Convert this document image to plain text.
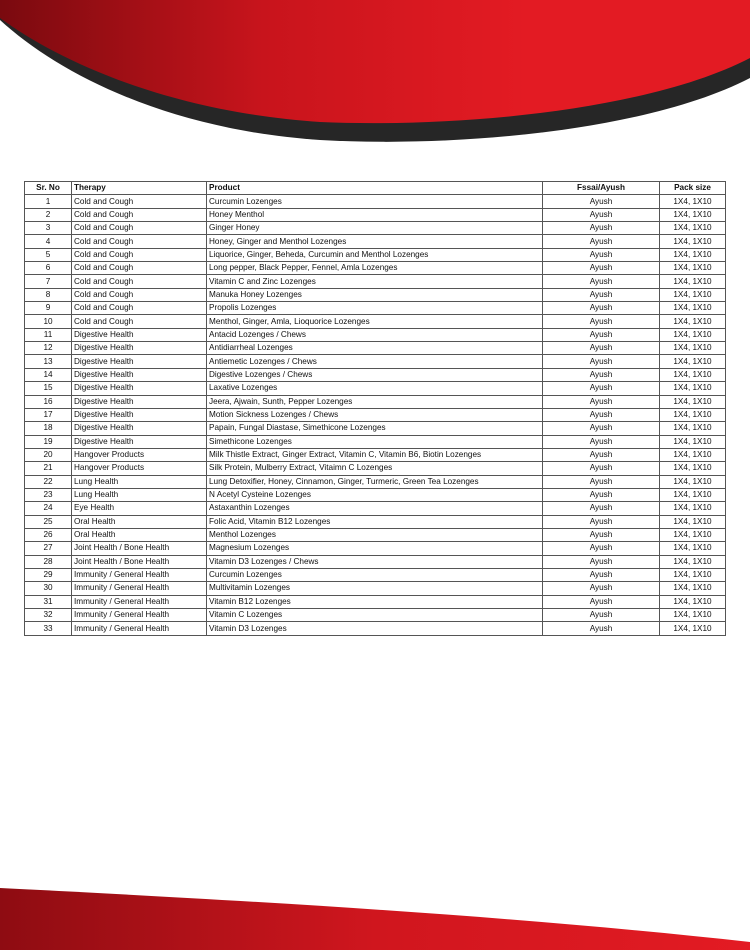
Sr. No	Therapy	Product	Fssai/Ayush	Pack size
1	Cold and Cough	Curcumin Lozenges	Ayush	1X4, 1X10
2	Cold and Cough	Honey Menthol	Ayush	1X4, 1X10
3	Cold and Cough	Ginger Honey	Ayush	1X4, 1X10
4	Cold and Cough	Honey, Ginger and Menthol Lozenges	Ayush	1X4, 1X10
5	Cold and Cough	Liquorice, Ginger, Beheda, Curcumin and Menthol Lozenges	Ayush	1X4, 1X10
6	Cold and Cough	Long pepper, Black Pepper, Fennel, Amla Lozenges	Ayush	1X4, 1X10
7	Cold and Cough	Vitamin C and Zinc Lozenges	Ayush	1X4, 1X10
8	Cold and Cough	Manuka Honey Lozenges	Ayush	1X4, 1X10
9	Cold and Cough	Propolis Lozenges	Ayush	1X4, 1X10
10	Cold and Cough	Menthol, Ginger, Amla, Lioquorice Lozenges	Ayush	1X4, 1X10
11	Digestive Health	Antacid Lozenges / Chews	Ayush	1X4, 1X10
12	Digestive Health	Antidiarrheal Lozenges	Ayush	1X4, 1X10
13	Digestive Health	Antiemetic Lozenges / Chews	Ayush	1X4, 1X10
14	Digestive Health	Digestive Lozenges / Chews	Ayush	1X4, 1X10
15	Digestive Health	Laxative Lozenges	Ayush	1X4, 1X10
16	Digestive Health	Jeera, Ajwain, Sunth, Pepper Lozenges	Ayush	1X4, 1X10
17	Digestive Health	Motion Sickness Lozenges / Chews	Ayush	1X4, 1X10
18	Digestive Health	Papain, Fungal Diastase, Simethicone Lozenges	Ayush	1X4, 1X10
19	Digestive Health	Simethicone Lozenges	Ayush	1X4, 1X10
20	Hangover Products	Milk Thistle Extract, Ginger Extract, Vitamin C, Vitamin B6, Biotin Lozenges	Ayush	1X4, 1X10
21	Hangover Products	Silk Protein, Mulberry Extract, Vitaimn C Lozenges	Ayush	1X4, 1X10
22	Lung Health	Lung Detoxifier, Honey, Cinnamon, Ginger, Turmeric, Green Tea Lozenges	Ayush	1X4, 1X10
23	Lung Health	N Acetyl Cysteine Lozenges	Ayush	1X4, 1X10
24	Eye Health	Astaxanthin Lozenges	Ayush	1X4, 1X10
25	Oral Health	Folic Acid, Vitamin B12 Lozenges	Ayush	1X4, 1X10
26	Oral Health	Menthol Lozenges	Ayush	1X4, 1X10
27	Joint Health / Bone Health	Magnesium Lozenges	Ayush	1X4, 1X10
28	Joint Health / Bone Health	Vitamin D3 Lozenges / Chews	Ayush	1X4, 1X10
29	Immunity / General Health	Curcumin Lozenges	Ayush	1X4, 1X10
30	Immunity / General Health	Multivitamin Lozenges	Ayush	1X4, 1X10
31	Immunity / General Health	Vitamin B12 Lozenges	Ayush	1X4, 1X10
32	Immunity / General Health	Vitamin C Lozenges	Ayush	1X4, 1X10
33	Immunity / General Health	Vitamin D3 Lozenges	Ayush	1X4, 1X10
